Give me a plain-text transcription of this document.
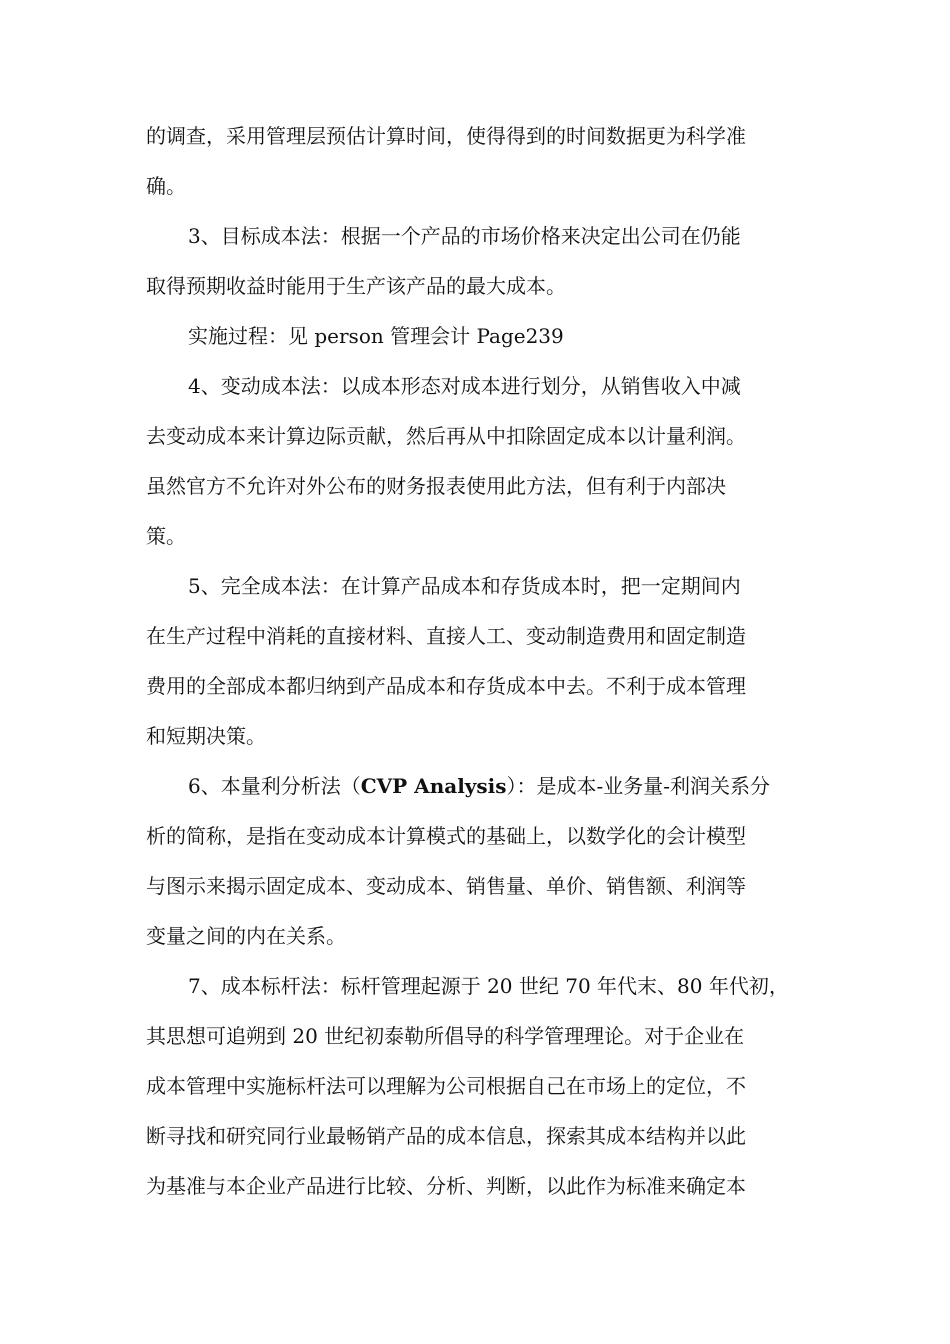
的调查，采用管理层预估计算时间，使得得到的时间数据更为科学准
确。
3、目标成本法：根据一个产品的市场价格来决定出公司在仍能
取得预期收益时能用于生产该产品的最大成本。
实施过程：见 person 管理会计 Page239
4、变动成本法：以成本形态对成本进行划分，从销售收入中减
去变动成本来计算边际贡献，然后再从中扣除固定成本以计量利润。
虽然官方不允许对外公布的财务报表使用此方法，但有利于内部决
策。
5、完全成本法：在计算产品成本和存货成本时，把一定期间内
在生产过程中消耗的直接材料、直接人工、变动制造费用和固定制造
费用的全部成本都归纳到产品成本和存货成本中去。不利于成本管理
和短期决策。
6、本量利分析法（CVP Analysis）：是成本-业务量-利润关系分
析的简称，是指在变动成本计算模式的基础上，以数学化的会计模型
与图示来揭示固定成本、变动成本、销售量、单价、销售额、利润等
变量之间的内在关系。
7、成本标杆法：标杆管理起源于 20 世纪 70 年代末、80 年代初，
其思想可追朔到 20 世纪初泰勒所倡导的科学管理理论。对于企业在
成本管理中实施标杆法可以理解为公司根据自己在市场上的定位，不
断寻找和研究同行业最畅销产品的成本信息，探索其成本结构并以此
为基准与本企业产品进行比较、分析、判断，以此作为标准来确定本
